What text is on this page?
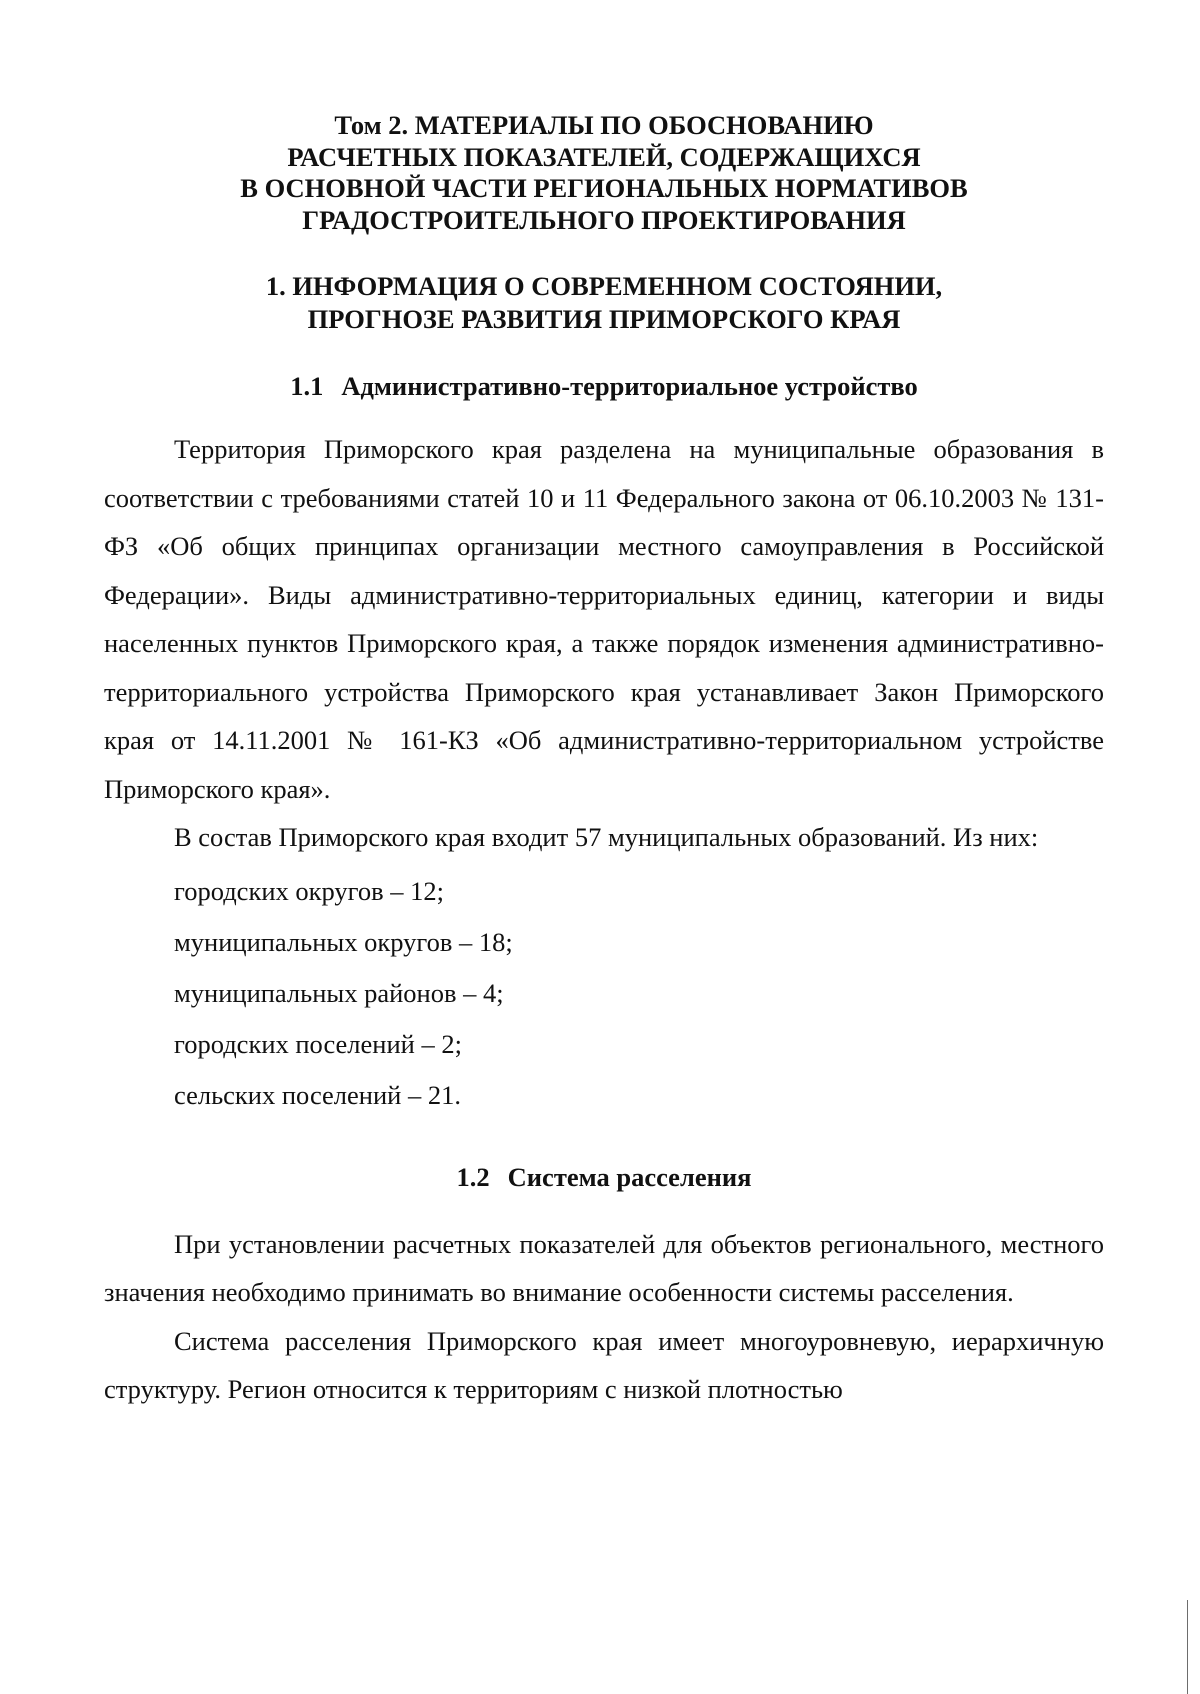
Том 2. МАТЕРИАЛЫ ПО ОБОСНОВАНИЮ
РАСЧЕТНЫХ ПОКАЗАТЕЛЕЙ, СОДЕРЖАЩИХСЯ
В ОСНОВНОЙ ЧАСТИ РЕГИОНАЛЬНЫХ НОРМАТИВОВ
ГРАДОСТРОИТЕЛЬНОГО ПРОЕКТИРОВАНИЯ
1. ИНФОРМАЦИЯ О СОВРЕМЕННОМ СОСТОЯНИИ,
ПРОГНОЗЕ РАЗВИТИЯ ПРИМОРСКОГО КРАЯ
1.1 Административно-территориальное устройство

Территория Приморского края разделена на муниципальные образования в соответствии с требованиями статей 10 и 11 Федерального закона от 06.10.2003 № 131-ФЗ «Об общих принципах организации местного самоуправления в Российской Федерации». Виды административно-территориальных единиц, категории и виды населенных пунктов Приморского края, а также порядок изменения административно-территориального устройства Приморского края устанавливает Закон Приморского края от 14.11.2001 № 161-КЗ «Об административно-территориальном устройстве Приморского края».

В состав Приморского края входит 57 муниципальных образований. Из них:

городских округов – 12;
муниципальных округов – 18;
муниципальных районов – 4;
городских поселений – 2;
сельских поселений – 21.
1.2 Система расселения

При установлении расчетных показателей для объектов регионального, местного значения необходимо принимать во внимание особенности системы расселения.

Система расселения Приморского края имеет многоуровневую, иерархичную структуру. Регион относится к территориям с низкой плотностью
